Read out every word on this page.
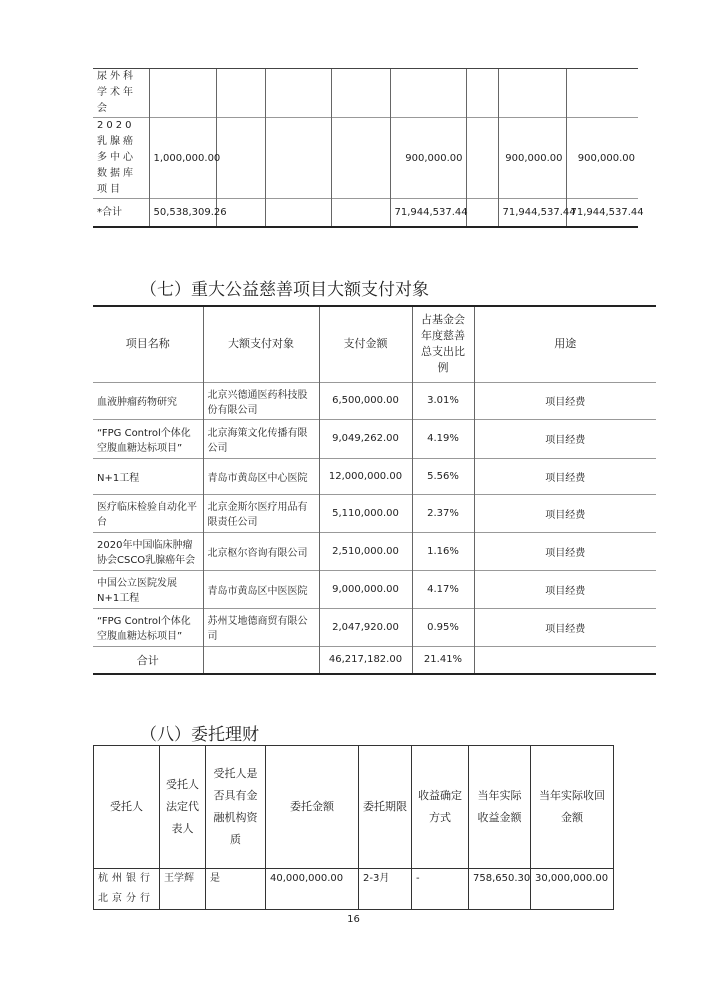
尿外科学术年会								
2020乳腺癌多中心数据库项目	1,000,000.00				900,000.00		900,000.00	900,000.00
*合计	50,538,309.26				71,944,537.44		71,944,537.44	71,944,537.44
（七）重大公益慈善项目大额支付对象
项目名称	大额支付对象	支付金额	占基金会年度慈善总支出比例	用途
血液肿瘤药物研究	北京兴德通医药科技股份有限公司	6,500,000.00	3.01%	项目经费
“FPG Control个体化空腹血糖达标项目”	北京海策文化传播有限公司	9,049,262.00	4.19%	项目经费
N+1工程	青岛市黄岛区中心医院	12,000,000.00	5.56%	项目经费
医疗临床检验自动化平台	北京金斯尔医疗用品有限责任公司	5,110,000.00	2.37%	项目经费
2020年中国临床肿瘤协会CSCO乳腺癌年会	北京枢尔咨询有限公司	2,510,000.00	1.16%	项目经费
中国公立医院发展N+1工程	青岛市黄岛区中医医院	9,000,000.00	4.17%	项目经费
“FPG Control个体化空腹血糖达标项目”	苏州艾地德商贸有限公司	2,047,920.00	0.95%	项目经费
合计		46,217,182.00	21.41%	
（八）委托理财
受托人	受托人法定代表人	受托人是否具有金融机构资质	委托金额	委托期限	收益确定方式	当年实际收益金额	当年实际收回金额
杭州银行北京分行	王学辉	是	40,000,000.00	2-3月	-	758,650.30	30,000,000.00
16
